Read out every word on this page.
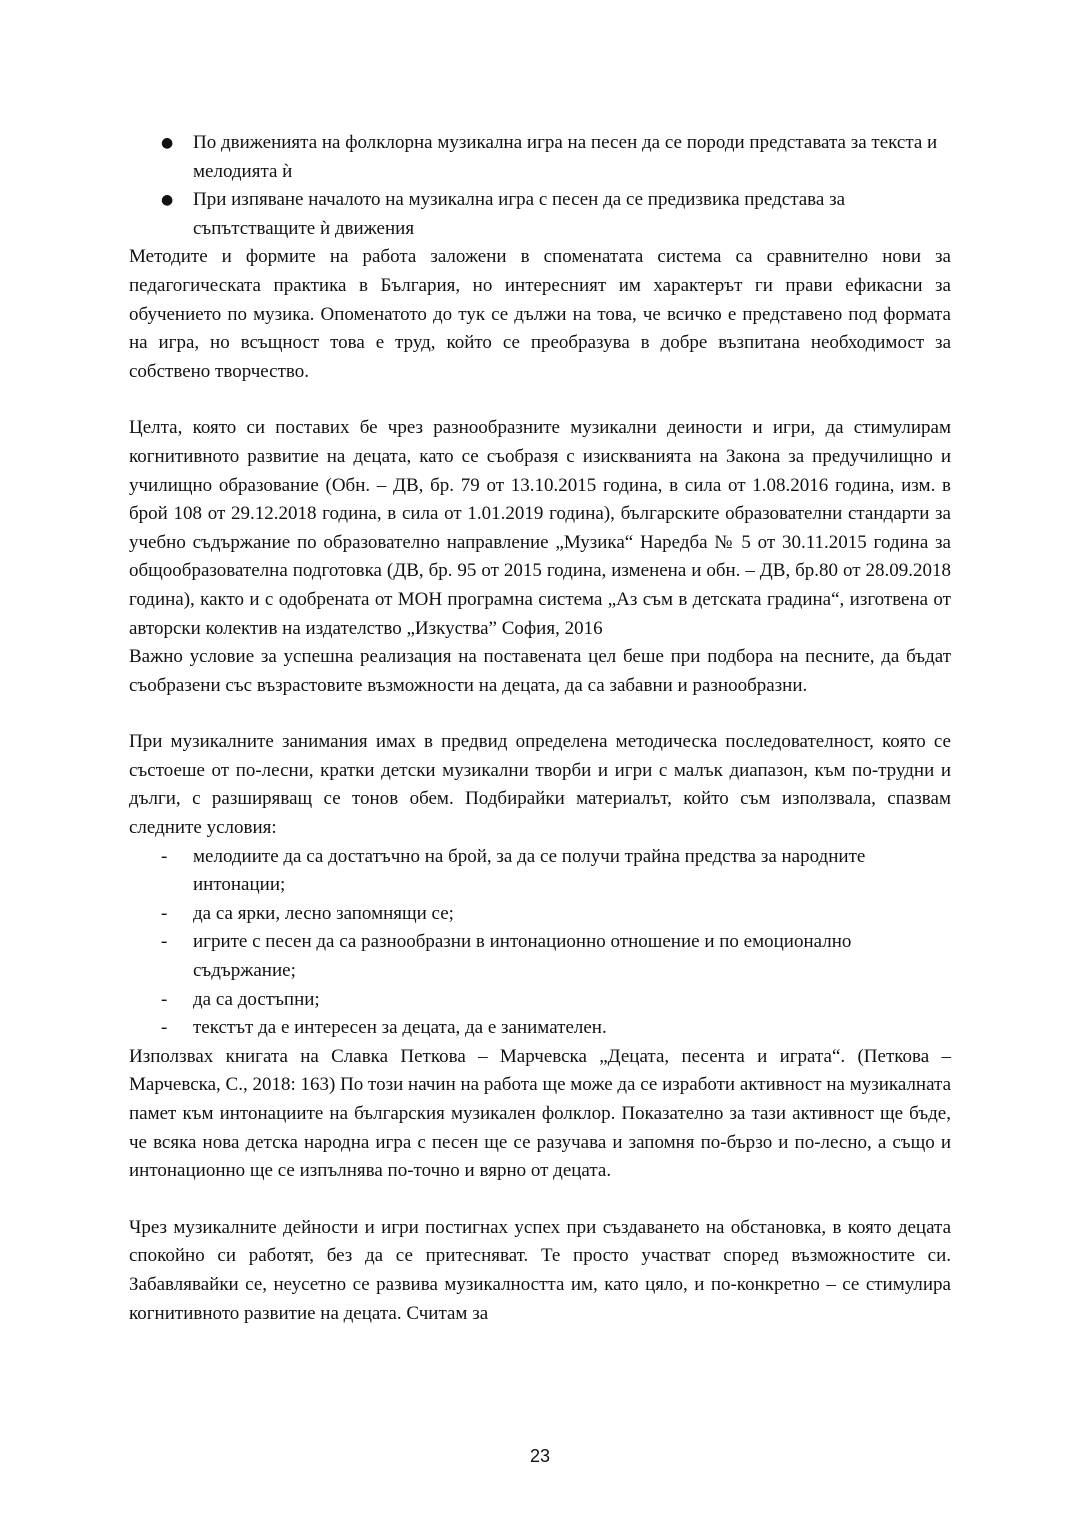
● По движенията на фолклорна музикална игра на песен да се породи представата за текста и мелодията ѝ
● При изпяване началото на музикална игра с песен да се предизвика представа за съпътстващите ѝ движения

Методите и формите на работа заложени в споменатата система са сравнително нови за педагогическата практика в България, но интересният им характерът ги прави ефикасни за обучението по музика. Опоменатото до тук се дължи на това, че всичко е представено под формата на игра, но всъщност това е труд, който се преобразува в добре възпитана необходимост за собствено творчество.

Целта, която си поставих бе чрез разнообразните музикални деиности и игри, да стимулирам когнитивното развитие на децата, като се съобразя с изискванията на Закона за предучилищно и училищно образование (Обн. – ДВ, бр. 79 от 13.10.2015 година, в сила от 1.08.2016 година, изм. в брой 108 от 29.12.2018 година, в сила от 1.01.2019 година), българските образователни стандарти за учебно съдържание по образователно направление „Музика“ Наредба № 5 от 30.11.2015 година за общообразователна подготовка (ДВ, бр. 95 от 2015 година, изменена и обн. – ДВ, бр.80 от 28.09.2018 година), както и с одобрената от МОН програмна система „Аз съм в детската градина“, изготвена от авторски колектив на издателство „Изкуства” София, 2016

Важно условие за успешна реализация на поставената цел беше при подбора на песните, да бъдат съобразени със възрастовите възможности на децата, да са забавни и разнообразни.

При музикалните занимания имах в предвид определена методическа последователност, която се състоеше от по-лесни, кратки детски музикални творби и игри с малък диапазон, към по-трудни и дълги, с разширяващ се тонов обем. Подбирайки материалът, който съм използвала, спазвам следните условия:

- мелодиите да са достатъчно на брой, за да се получи трайна предства за народните интонации;
- да са ярки, лесно запомнящи се;
- игрите с песен да са разнообразни в интонационно отношение и по емоционално съдържание;
- да са достъпни;
- текстът да е интересен за децата, да е занимателен.

Използвах книгата на Славка Петкова – Марчевска „Децата, песента и играта“. (Петкова – Марчевска, С., 2018: 163) По този начин на работа ще може да се изработи активност на музикалната памет към интонациите на българския музикален фолклор. Показателно за тази активност ще бъде, че всяка нова детска народна игра с песен ще се разучава и запомня по-бързо и по-лесно, а също и интонационно ще се изпълнява по-точно и вярно от децата.

Чрез музикалните дейности и игри постигнах успех при създаването на обстановка, в която децата спокойно си работят, без да се притесняват. Те просто участват според възможностите си. Забавлявайки се, неусетно се развива музикалността им, като цяло, и по-конкретно – се стимулира когнитивното развитие на децата. Считам за

23
